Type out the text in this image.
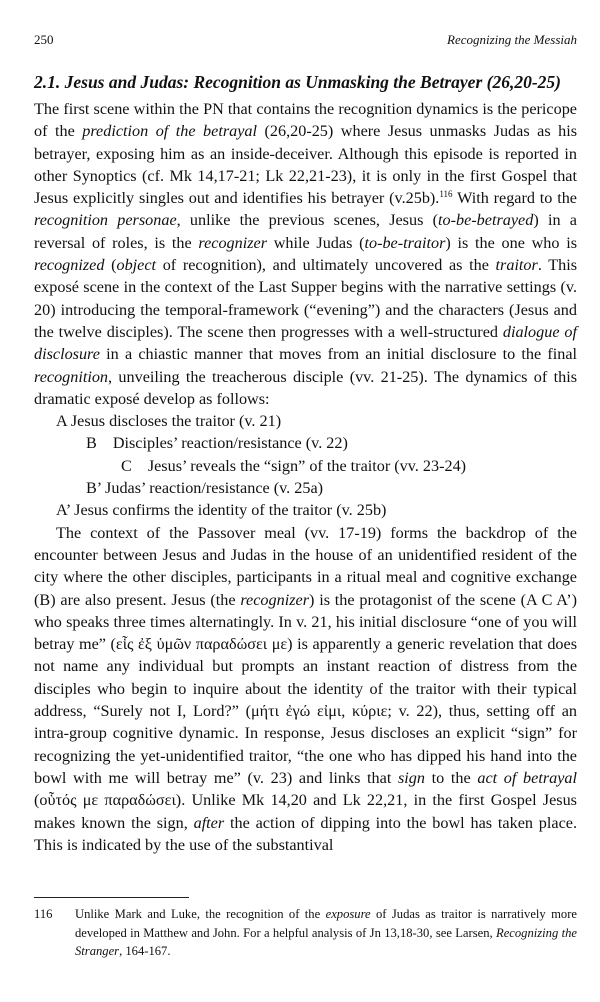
250	Recognizing the Messiah
2.1. Jesus and Judas: Recognition as Unmasking the Betrayer (26,20-25)

The first scene within the PN that contains the recognition dynamics is the pericope of the prediction of the betrayal (26,20-25) where Jesus unmasks Judas as his betrayer, exposing him as an inside-deceiver. Although this episode is reported in other Synoptics (cf. Mk 14,17-21; Lk 22,21-23), it is only in the first Gospel that Jesus explicitly singles out and identifies his betrayer (v.25b).$^{116}$ With regard to the recognition personae, unlike the previous scenes, Jesus (to-be-betrayed) in a reversal of roles, is the recognizer while Judas (to-be-traitor) is the one who is recognized (object of recognition), and ultimately uncovered as the traitor. This exposé scene in the context of the Last Supper begins with the narrative settings (v. 20) introducing the temporal-framework (“evening”) and the characters (Jesus and the twelve disciples). The scene then progresses with a well-structured dialogue of disclosure in a chiastic manner that moves from an initial disclosure to the final recognition, unveiling the treacherous disciple (vv. 21-25). The dynamics of this dramatic exposé develop as follows:

A Jesus discloses the traitor (v. 21)
B Disciples’ reaction/resistance (v. 22)
C Jesus’ reveals the “sign” of the traitor (vv. 23-24)
B’ Judas’ reaction/resistance (v. 25a)
A’ Jesus confirms the identity of the traitor (v. 25b)

The context of the Passover meal (vv. 17-19) forms the backdrop of the encounter between Jesus and Judas in the house of an unidentified resident of the city where the other disciples, participants in a ritual meal and cognitive exchange (B) are also present. Jesus (the recognizer) is the protagonist of the scene (A C A’) who speaks three times alternatingly. In v. 21, his initial disclosure “one of you will betray me” (εἷς ἐξ ὑμῶν παραδώσει με) is apparently a generic revelation that does not name any individual but prompts an instant reaction of distress from the disciples who begin to inquire about the identity of the traitor with their typical address, “Surely not I, Lord?” (μήτι ἐγώ εἰμι, κύριε; v. 22), thus, setting off an intra-group cognitive dynamic. In response, Jesus discloses an explicit “sign” for recognizing the yet-unidentified traitor, “the one who has dipped his hand into the bowl with me will betray me” (v. 23) and links that sign to the act of betrayal (οὗτός με παραδώσει). Unlike Mk 14,20 and Lk 22,21, in the first Gospel Jesus makes known the sign, after the action of dipping into the bowl has taken place. This is indicated by the use of the substantival

116 Unlike Mark and Luke, the recognition of the exposure of Judas as traitor is narratively more developed in Matthew and John. For a helpful analysis of Jn 13,18-30, see Larsen, Recognizing the Stranger, 164-167.
